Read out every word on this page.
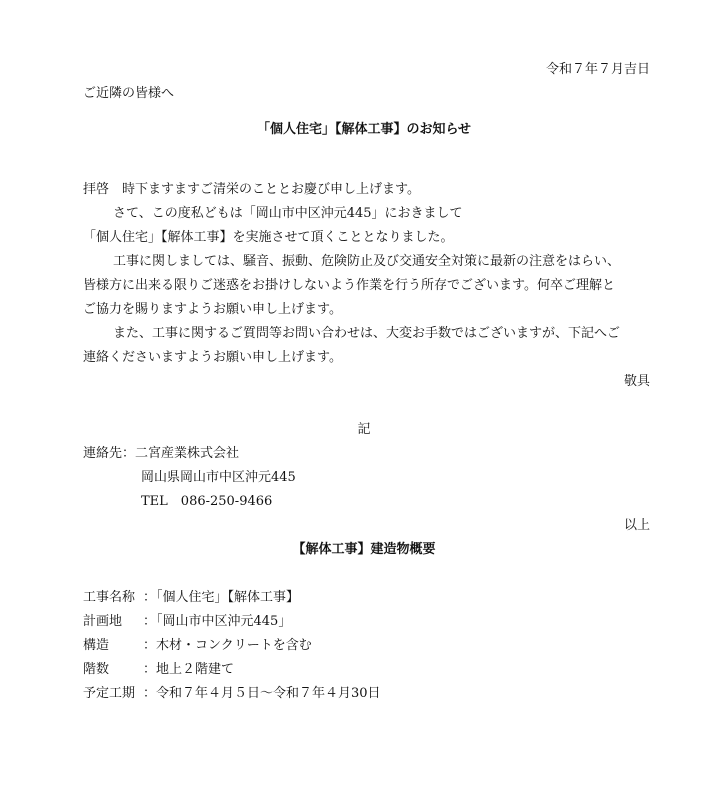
令和７年７月吉日
ご近隣の皆様へ
「個人住宅」【解体工事】のお知らせ
拝啓　時下ますますご清栄のこととお慶び申し上げます。
さて、この度私どもは「岡山市中区沖元445」におきまして
「個人住宅」【解体工事】を実施させて頂くこととなりました。
工事に関しましては、騒音、振動、危険防止及び交通安全対策に最新の注意をはらい、
皆様方に出来る限りご迷惑をお掛けしないよう作業を行う所存でございます。何卒ご理解と
ご協力を賜りますようお願い申し上げます。
また、工事に関するご質問等お問い合わせは、大変お手数ではございますが、下記へご
連絡くださいますようお願い申し上げます。
敬具
記
連絡先：二宮産業株式会社
岡山県岡山市中区沖元445
TEL　086-250-9466
以上
【解体工事】建造物概要
工事名称 ：「個人住宅」【解体工事】
計画地 ：「岡山市中区沖元445」
構造	：木材・コンクリートを含む
階数	：地上２階建て
予定工期 ：令和７年４月５日～令和７年４月30日
